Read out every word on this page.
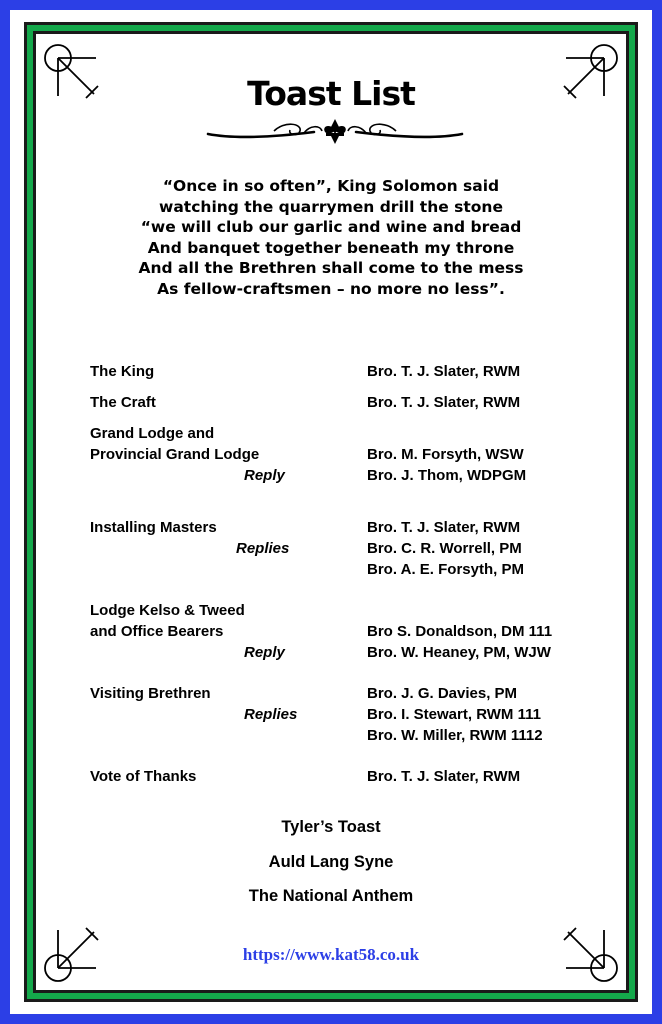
Toast List
“Once in so often”, King Solomon said
watching the quarrymen drill the stone
“we will club our garlic and wine and bread
And banquet together beneath my throne
And all the Brethren shall come to the mess
As fellow-craftsmen – no more no less”.
The King	Bro. T. J. Slater, RWM
The Craft	Bro. T. J. Slater, RWM
Grand Lodge and
Provincial Grand Lodge	Bro. M. Forsyth, WSW
Reply	Bro. J. Thom, WDPGM
Installing Masters	Bro. T. J. Slater, RWM
Replies	Bro. C. R. Worrell, PM
Bro. A. E. Forsyth, PM
Lodge Kelso & Tweed
and Office Bearers	Bro S. Donaldson, DM 111
Reply	Bro. W. Heaney, PM, WJW
Visiting Brethren	Bro. J. G. Davies, PM
Replies	Bro. I. Stewart, RWM 111
Bro. W. Miller, RWM 1112
Vote of Thanks	Bro. T. J. Slater, RWM
Tyler’s Toast
Auld Lang Syne
The National Anthem
https://www.kat58.co.uk
